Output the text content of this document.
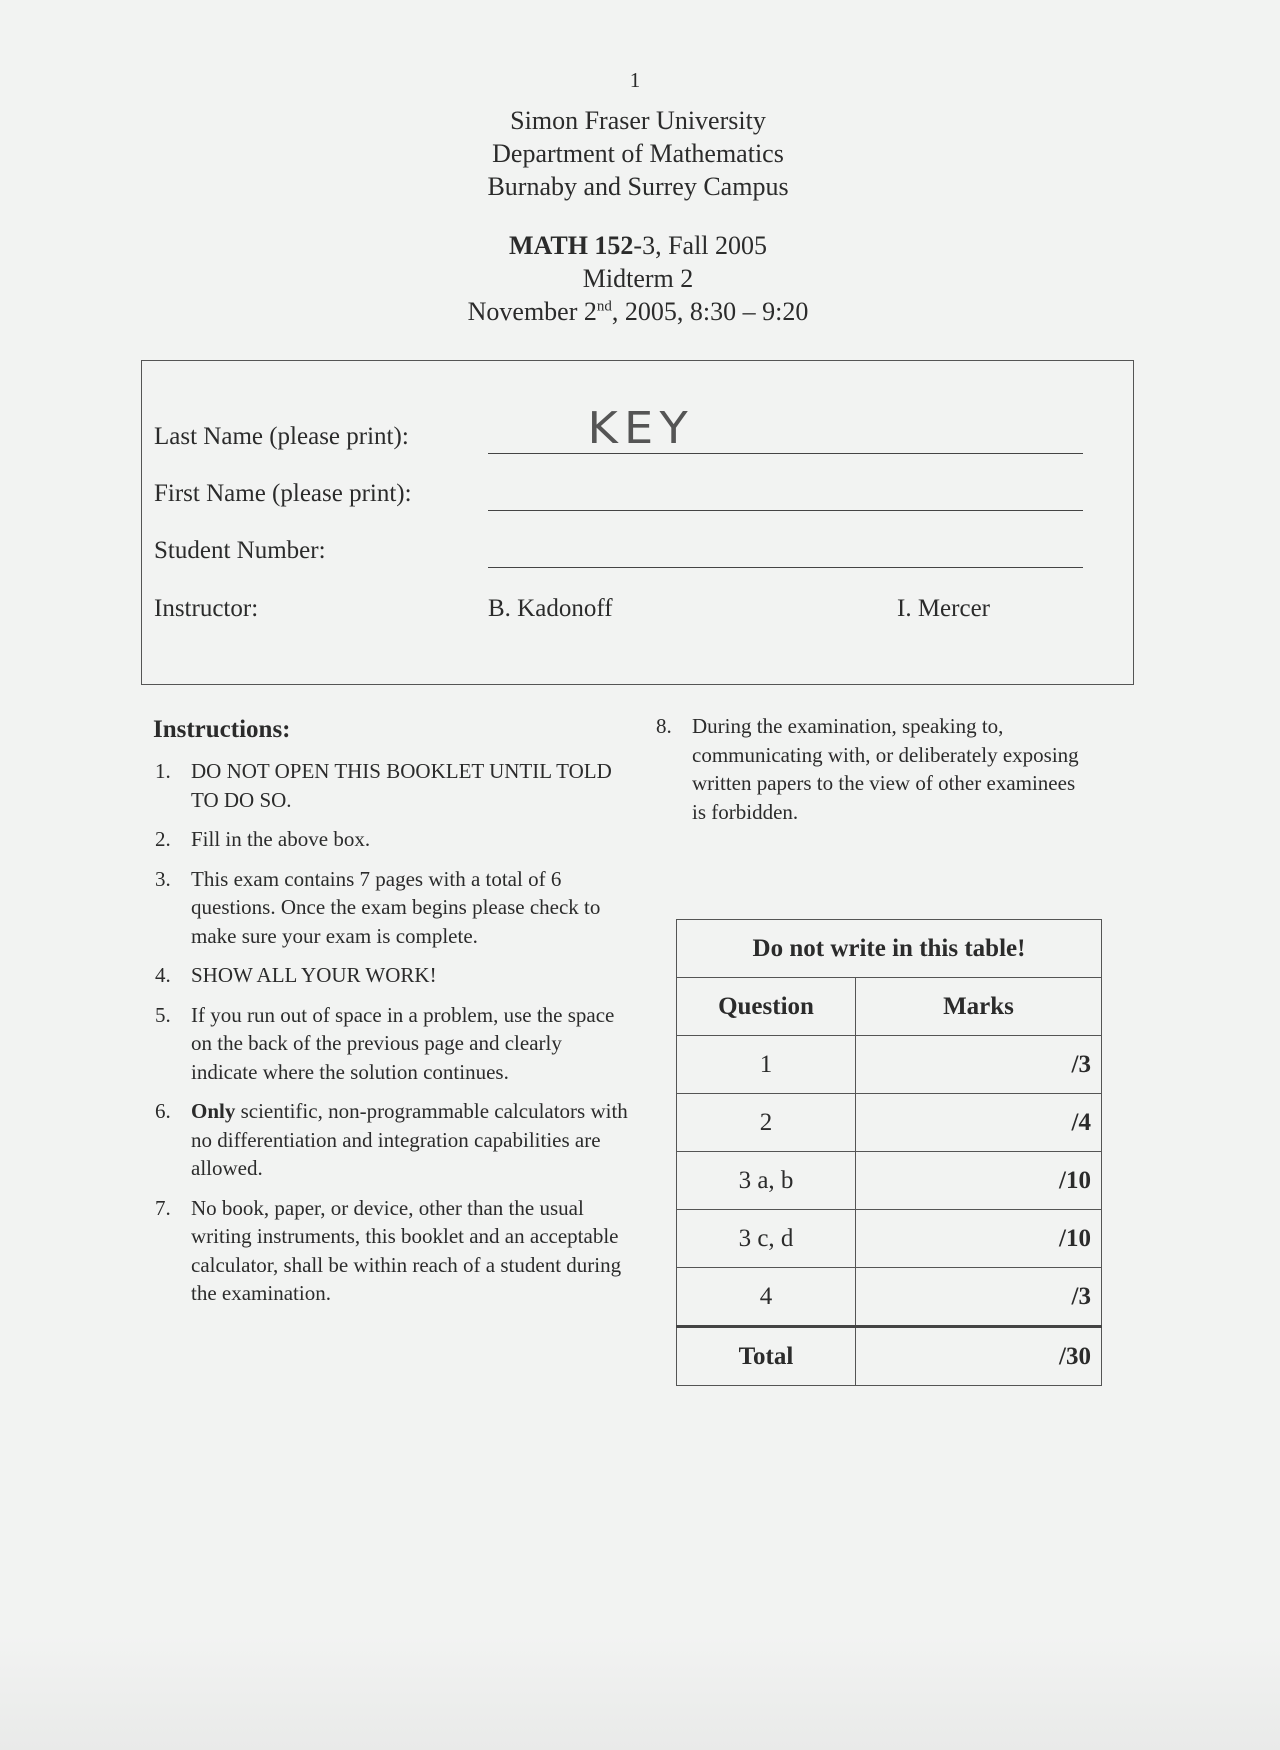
1
Simon Fraser University
Department of Mathematics
Burnaby and Surrey Campus
MATH 152-3, Fall 2005
Midterm 2
November 2nd, 2005, 8:30 – 9:20
Last Name (please print):	KEY
First Name (please print):
Student Number:
Instructor:	B. Kadonoff	I. Mercer
Instructions:
1. DO NOT OPEN THIS BOOKLET UNTIL TOLD TO DO SO.
2. Fill in the above box.
3. This exam contains 7 pages with a total of 6 questions. Once the exam begins please check to make sure your exam is complete.
4. SHOW ALL YOUR WORK!
5. If you run out of space in a problem, use the space on the back of the previous page and clearly indicate where the solution continues.
6. Only scientific, non-programmable calculators with no differentiation and integration capabilities are allowed.
7. No book, paper, or device, other than the usual writing instruments, this booklet and an acceptable calculator, shall be within reach of a student during the examination.
8. During the examination, speaking to, communicating with, or deliberately exposing written papers to the view of other examinees is forbidden.
Do not write in this table!	
Question	Marks
1	/3
2	/4
3 a, b	/10
3 c, d	/10
4	/3
Total	/30
